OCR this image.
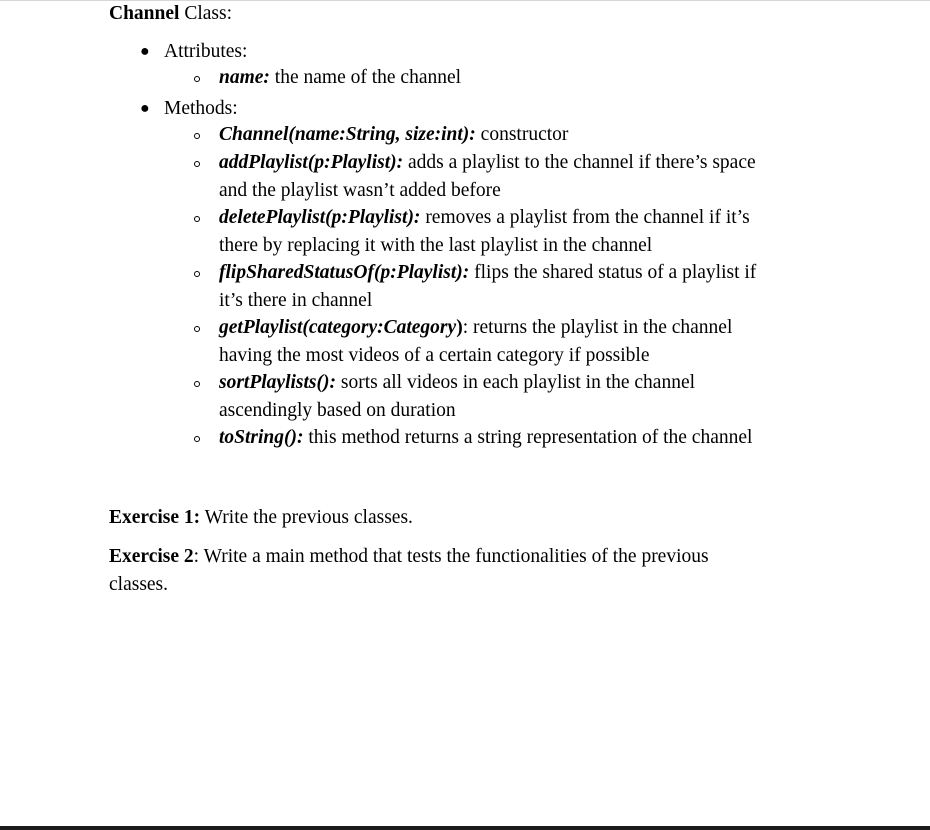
Channel Class:
● Attributes:
name: the name of the channel
● Methods:
Channel(name:String, size:int): constructor
addPlaylist(p:Playlist): adds a playlist to the channel if there’s space
and the playlist wasn’t added before
deletePlaylist(p:Playlist): removes a playlist from the channel if it’s
there by replacing it with the last playlist in the channel
flipSharedStatusOf(p:Playlist): flips the shared status of a playlist if
it’s there in channel
getPlaylist(category:Category): returns the playlist in the channel
having the most videos of a certain category if possible
sortPlaylists(): sorts all videos in each playlist in the channel
ascendingly based on duration
toString(): this method returns a string representation of the channel
Exercise 1: Write the previous classes.
Exercise 2: Write a main method that tests the functionalities of the previous
classes.
